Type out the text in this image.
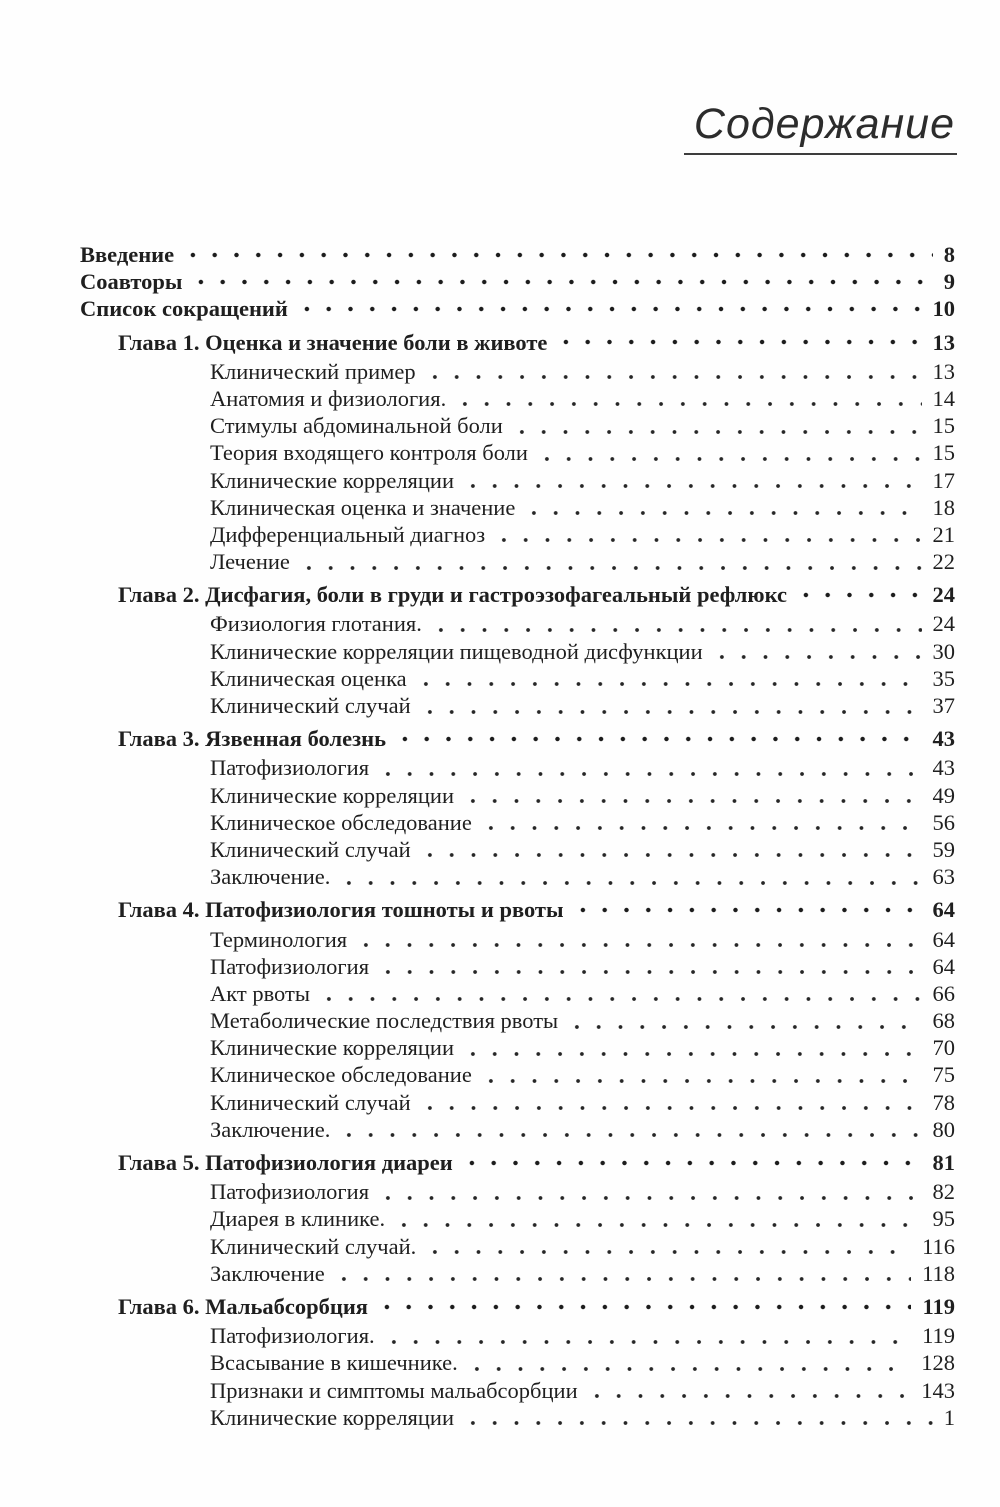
Содержание
Введение	8
Соавторы	9
Список сокращений	10
Глава 1. Оценка и значение боли в животе	13
Клинический пример	13
Анатомия и физиология.	14
Стимулы абдоминальной боли	15
Теория входящего контроля боли	15
Клинические корреляции	17
Клиническая оценка и значение	18
Дифференциальный диагноз	21
Лечение	22
Глава 2. Дисфагия, боли в груди и гастроэзофагеальный рефлюкс	24
Физиология глотания.	24
Клинические корреляции пищеводной дисфункции	30
Клиническая оценка	35
Клинический случай	37
Глава 3. Язвенная болезнь	43
Патофизиология	43
Клинические корреляции	49
Клиническое обследование	56
Клинический случай	59
Заключение.	63
Глава 4. Патофизиология тошноты и рвоты	64
Терминология	64
Патофизиология	64
Акт рвоты	66
Метаболические последствия рвоты	68
Клинические корреляции	70
Клиническое обследование	75
Клинический случай	78
Заключение.	80
Глава 5. Патофизиология диареи	81
Патофизиология	82
Диарея в клинике.	95
Клинический случай.	116
Заключение	118
Глава 6. Мальабсорбция	119
Патофизиология.	119
Всасывание в кишечнике.	128
Признаки и симптомы мальабсорбции	143
Клинические корреляции	1
